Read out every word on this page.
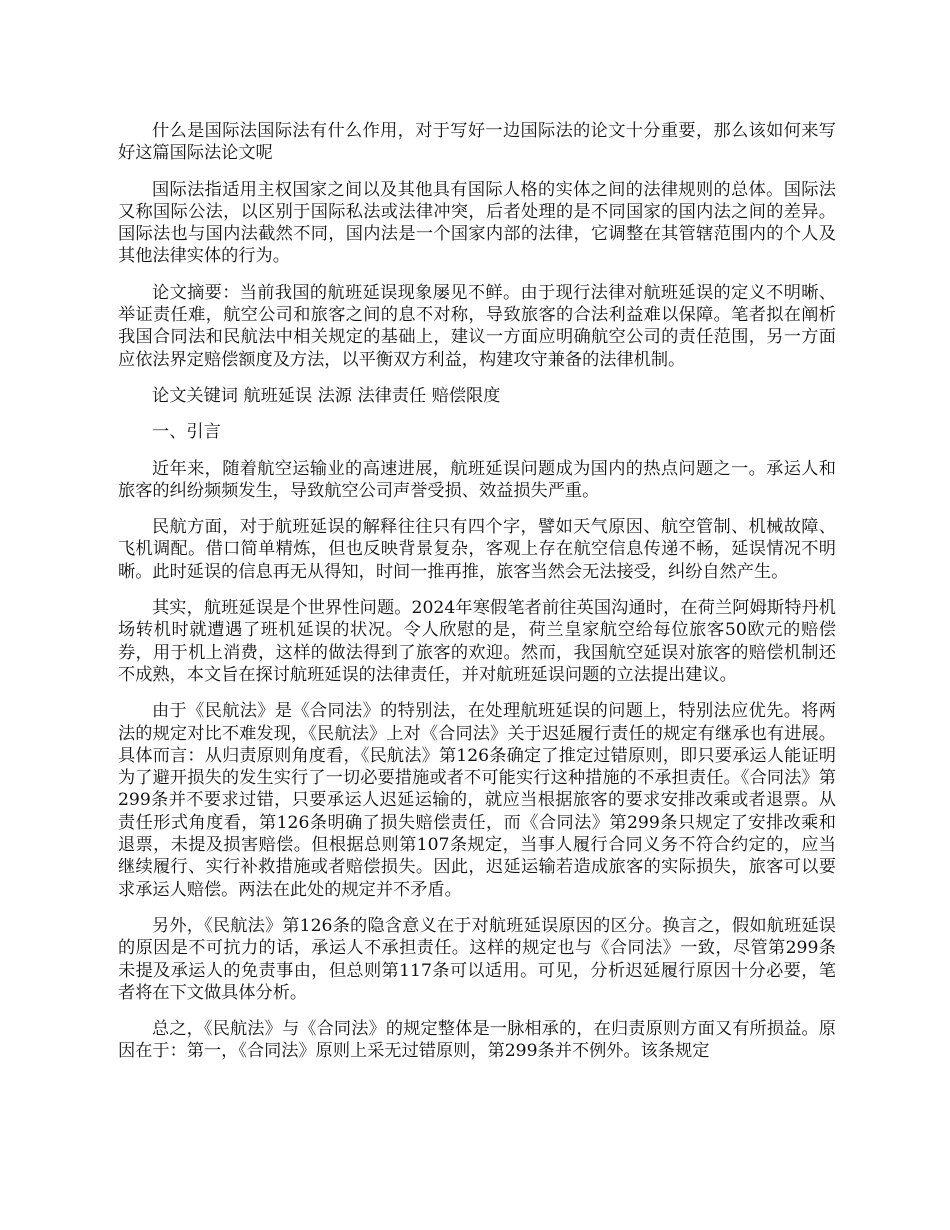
什么是国际法国际法有什么作用，对于写好一边国际法的论文十分重要，那么该如何来写好这篇国际法论文呢

国际法指适用主权国家之间以及其他具有国际人格的实体之间的法律规则的总体。国际法又称国际公法，以区别于国际私法或法律冲突，后者处理的是不同国家的国内法之间的差异。国际法也与国内法截然不同，国内法是一个国家内部的法律，它调整在其管辖范围内的个人及其他法律实体的行为。

论文摘要：当前我国的航班延误现象屡见不鲜。由于现行法律对航班延误的定义不明晰、举证责任难，航空公司和旅客之间的息不对称，导致旅客的合法利益难以保障。笔者拟在阐析我国合同法和民航法中相关规定的基础上，建议一方面应明确航空公司的责任范围，另一方面应依法界定赔偿额度及方法，以平衡双方利益，构建攻守兼备的法律机制。

论文关键词 航班延误 法源 法律责任 赔偿限度

一、引言

近年来，随着航空运输业的高速进展，航班延误问题成为国内的热点问题之一。承运人和旅客的纠纷频频发生，导致航空公司声誉受损、效益损失严重。

民航方面，对于航班延误的解释往往只有四个字，譬如天气原因、航空管制、机械故障、飞机调配。借口简单精炼，但也反映背景复杂，客观上存在航空信息传递不畅，延误情况不明晰。此时延误的信息再无从得知，时间一推再推，旅客当然会无法接受，纠纷自然产生。

其实，航班延误是个世界性问题。2024年寒假笔者前往英国沟通时，在荷兰阿姆斯特丹机场转机时就遭遇了班机延误的状况。令人欣慰的是，荷兰皇家航空给每位旅客50欧元的赔偿券，用于机上消费，这样的做法得到了旅客的欢迎。然而，我国航空延误对旅客的赔偿机制还不成熟，本文旨在探讨航班延误的法律责任，并对航班延误问题的立法提出建议。

由于《民航法》是《合同法》的特别法，在处理航班延误的问题上，特别法应优先。将两法的规定对比不难发现，《民航法》上对《合同法》关于迟延履行责任的规定有继承也有进展。具体而言：从归责原则角度看，《民航法》第126条确定了推定过错原则，即只要承运人能证明为了避开损失的发生实行了一切必要措施或者不可能实行这种措施的不承担责任。《合同法》第299条并不要求过错，只要承运人迟延运输的，就应当根据旅客的要求安排改乘或者退票。从责任形式角度看，第126条明确了损失赔偿责任，而《合同法》第299条只规定了安排改乘和退票，未提及损害赔偿。但根据总则第107条规定，当事人履行合同义务不符合约定的，应当继续履行、实行补救措施或者赔偿损失。因此，迟延运输若造成旅客的实际损失，旅客可以要求承运人赔偿。两法在此处的规定并不矛盾。

另外，《民航法》第126条的隐含意义在于对航班延误原因的区分。换言之，假如航班延误的原因是不可抗力的话，承运人不承担责任。这样的规定也与《合同法》一致，尽管第299条未提及承运人的免责事由，但总则第117条可以适用。可见，分析迟延履行原因十分必要，笔者将在下文做具体分析。

总之，《民航法》与《合同法》的规定整体是一脉相承的，在归责原则方面又有所损益。原因在于：第一，《合同法》原则上采无过错原则，第299条并不例外。该条规定
